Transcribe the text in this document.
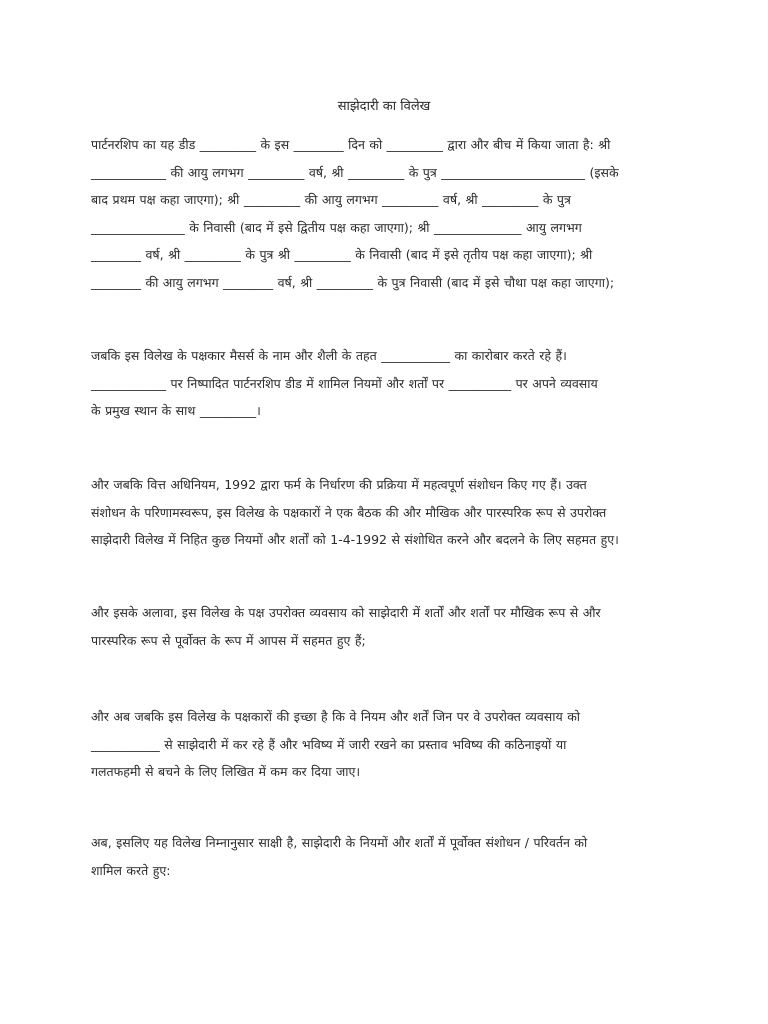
साझेदारी का विलेख
पार्टनरशिप का यह डीड _________ के इस ________ दिन को _________ द्वारा और बीच में किया जाता है: श्री
____________ की आयु लगभग _________ वर्ष, श्री _________ के पुत्र _______________________ (इसके
बाद प्रथम पक्ष कहा जाएगा); श्री _________ की आयु लगभग _________ वर्ष, श्री _________ के पुत्र
_______________ के निवासी (बाद में इसे द्वितीय पक्ष कहा जाएगा); श्री ______________ आयु लगभग
________ वर्ष, श्री _________ के पुत्र श्री _________ के निवासी (बाद में इसे तृतीय पक्ष कहा जाएगा); श्री
________ की आयु लगभग ________ वर्ष, श्री _________ के पुत्र निवासी (बाद में इसे चौथा पक्ष कहा जाएगा);
जबकि इस विलेख के पक्षकार मैसर्स के नाम और शैली के तहत ___________ का कारोबार करते रहे हैं।
____________ पर निष्पादित पार्टनरशिप डीड में शामिल नियमों और शर्तों पर __________ पर अपने व्यवसाय
के प्रमुख स्थान के साथ _________।
और जबकि वित्त अधिनियम, 1992 द्वारा फर्म के निर्धारण की प्रक्रिया में महत्वपूर्ण संशोधन किए गए हैं। उक्त
संशोधन के परिणामस्वरूप, इस विलेख के पक्षकारों ने एक बैठक की और मौखिक और पारस्परिक रूप से उपरोक्त
साझेदारी विलेख में निहित कुछ नियमों और शर्तों को 1-4-1992 से संशोधित करने और बदलने के लिए सहमत हुए।
और इसके अलावा, इस विलेख के पक्ष उपरोक्त व्यवसाय को साझेदारी में शर्तों और शर्तों पर मौखिक रूप से और
पारस्परिक रूप से पूर्वोक्त के रूप में आपस में सहमत हुए हैं;
और अब जबकि इस विलेख के पक्षकारों की इच्छा है कि वे नियम और शर्तें जिन पर वे उपरोक्त व्यवसाय को
___________ से साझेदारी में कर रहे हैं और भविष्य में जारी रखने का प्रस्ताव भविष्य की कठिनाइयों या
गलतफहमी से बचने के लिए लिखित में कम कर दिया जाए।
अब, इसलिए यह विलेख निम्नानुसार साक्षी है, साझेदारी के नियमों और शर्तों में पूर्वोक्त संशोधन / परिवर्तन को
शामिल करते हुए:
